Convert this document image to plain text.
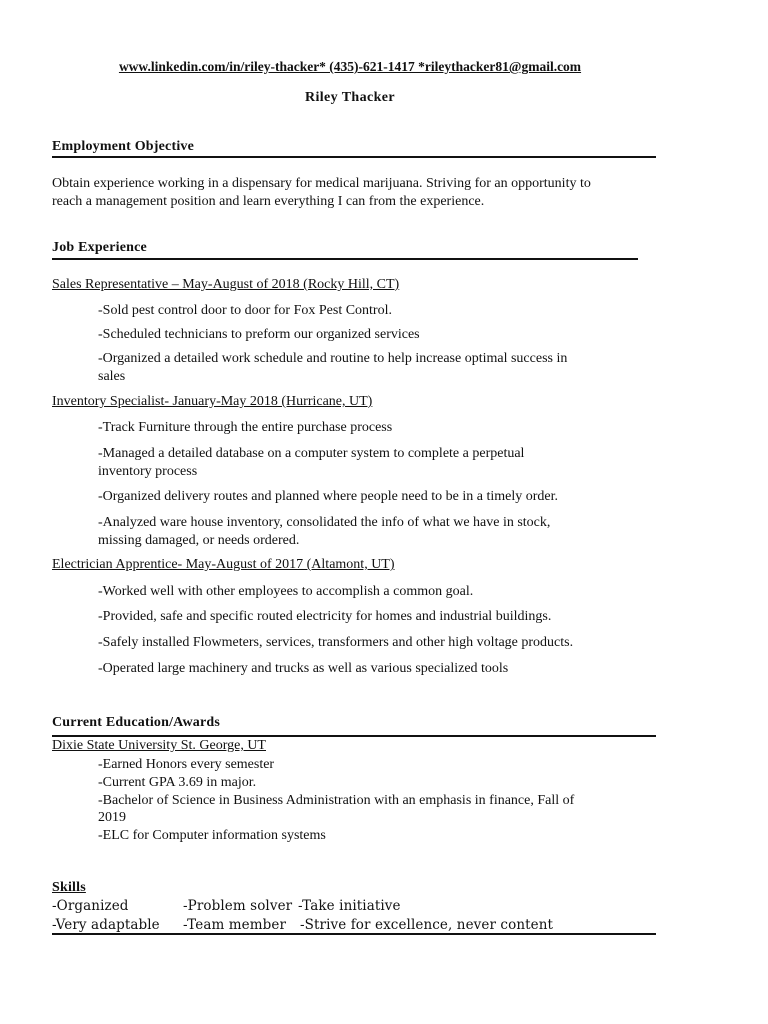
www.linkedin.com/in/riley-thacker* (435)-621-1417 *rileythacker81@gmail.com
Riley Thacker
Employment Objective
Obtain experience working in a dispensary for medical marijuana. Striving for an opportunity to
reach a management position and learn everything I can from the experience.
Job Experience
Sales Representative – May-August of 2018 (Rocky Hill, CT)
-Sold pest control door to door for Fox Pest Control.
-Scheduled technicians to preform our organized services
-Organized a detailed work schedule and routine to help increase optimal success in
sales
Inventory Specialist- January-May 2018 (Hurricane, UT)
-Track Furniture through the entire purchase process
-Managed a detailed database on a computer system to complete a perpetual
inventory process
-Organized delivery routes and planned where people need to be in a timely order.
-Analyzed ware house inventory, consolidated the info of what we have in stock,
missing damaged, or needs ordered.
Electrician Apprentice- May-August of 2017 (Altamont, UT)
-Worked well with other employees to accomplish a common goal.
-Provided, safe and specific routed electricity for homes and industrial buildings.
-Safely installed Flowmeters, services, transformers and other high voltage products.
-Operated large machinery and trucks as well as various specialized tools
Current Education/Awards
Dixie State University St. George, UT
-Earned Honors every semester
-Current GPA 3.69 in major.
-Bachelor of Science in Business Administration with an emphasis in finance, Fall of
2019
-ELC for Computer information systems
Skills
-Organized	-Problem solver -Take initiative
-Very adaptable -Team member -Strive for excellence, never content
